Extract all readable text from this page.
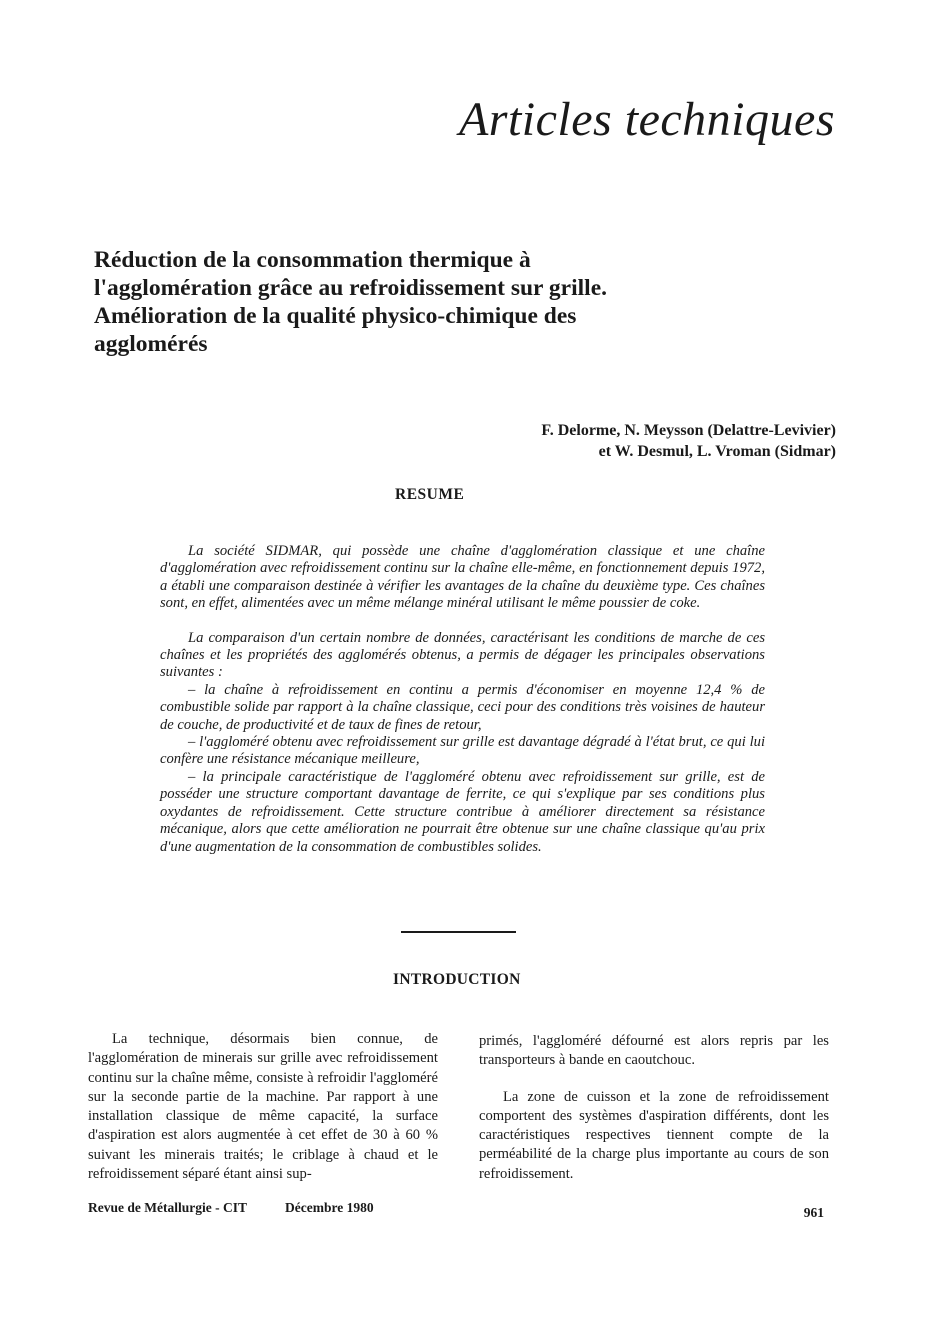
Articles techniques
Réduction de la consommation thermique à l'agglomération grâce au refroidissement sur grille. Amélioration de la qualité physico-chimique des agglomérés
F. Delorme, N. Meysson (Delattre-Levivier)
et W. Desmul, L. Vroman (Sidmar)
RESUME

La société SIDMAR, qui possède une chaîne d'agglomération classique et une chaîne d'agglomération avec refroidissement continu sur la chaîne elle-même, en fonctionnement depuis 1972, a établi une comparaison destinée à vérifier les avantages de la chaîne du deuxième type. Ces chaînes sont, en effet, alimentées avec un même mélange minéral utilisant le même poussier de coke.

La comparaison d'un certain nombre de données, caractérisant les conditions de marche de ces chaînes et les propriétés des agglomérés obtenus, a permis de dégager les principales observations suivantes :

– la chaîne à refroidissement en continu a permis d'économiser en moyenne 12,4 % de combustible solide par rapport à la chaîne classique, ceci pour des conditions très voisines de hauteur de couche, de productivité et de taux de fines de retour,

– l'aggloméré obtenu avec refroidissement sur grille est davantage dégradé à l'état brut, ce qui lui confère une résistance mécanique meilleure,

– la principale caractéristique de l'aggloméré obtenu avec refroidissement sur grille, est de posséder une structure comportant davantage de ferrite, ce qui s'explique par ses conditions plus oxydantes de refroidissement. Cette structure contribue à améliorer directement sa résistance mécanique, alors que cette amélioration ne pourrait être obtenue sur une chaîne classique qu'au prix d'une augmentation de la consommation de combustibles solides.

INTRODUCTION

La technique, désormais bien connue, de l'agglomération de minerais sur grille avec refroidissement continu sur la chaîne même, consiste à refroidir l'aggloméré sur la seconde partie de la machine. Par rapport à une installation classique de même capacité, la surface d'aspiration est alors augmentée à cet effet de 30 à 60 % suivant les minerais traités; le criblage à chaud et le refroidissement séparé étant ainsi sup-

primés, l'aggloméré défourné est alors repris par les transporteurs à bande en caoutchouc.

La zone de cuisson et la zone de refroidissement comportent des systèmes d'aspiration différents, dont les caractéristiques respectives tiennent compte de la perméabilité de la charge plus importante au cours de son refroidissement.

Revue de Métallurgie - CIT	Décembre 1980	961
